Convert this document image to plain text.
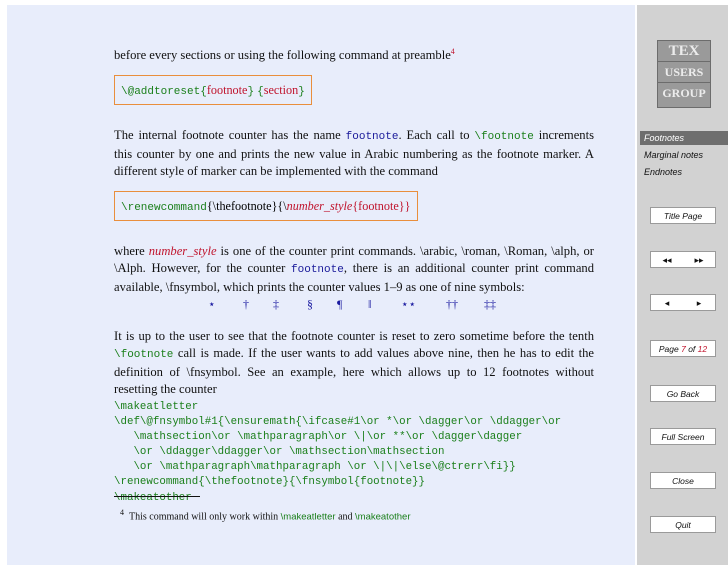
before every sections or using the following command at preamble$^4$

\@addtoreset{footnote} {section}

The internal footnote counter has the name footnote. Each call to \footnote increments this counter by one and prints the new value in Arabic numbering as the footnote marker. A different style of marker can be implemented with the command

\renewcommand{\thefootnote}{\number_style{footnote}}

where number_style is one of the counter print commands. \arabic, \roman, \Roman, \alph, or \Alph. However, for the counter footnote, there is an additional counter print command available, \fnsymbol, which prints the counter values 1–9 as one of nine symbols:

⋆ † ‡ § ¶ ‖ ⋆⋆ †† ‡‡

It is up to the user to see that the footnote counter is reset to zero sometime before the tenth \footnote call is made. If the user wants to add values above nine, then he has to edit the definition of \fnsymbol. See an example, here which allows up to 12 footnotes without resetting the counter

\makeatletter
\def\@fnsymbol#1{\ensuremath{\ifcase#1\or *\or \dagger\or \ddagger\or
\mathsection\or \mathparagraph\or \|\or **\or \dagger\dagger
\or \ddagger\ddagger\or \mathsection\mathsection
\or \mathparagraph\mathparagraph \or \|\|\else\@ctrerr\fi}}
\renewcommand{\thefootnote}{\fnsymbol{footnote}}
\makeatother
$^4$ This command will only work within \makeatletter and \makeatother
TEX
USERS
GROUP
Footnotes
Marginal notes
Endnotes
Title Page
◂◂	▸▸
◂	▸
Page 7 of 12
Go Back
Full Screen
Close
Quit
